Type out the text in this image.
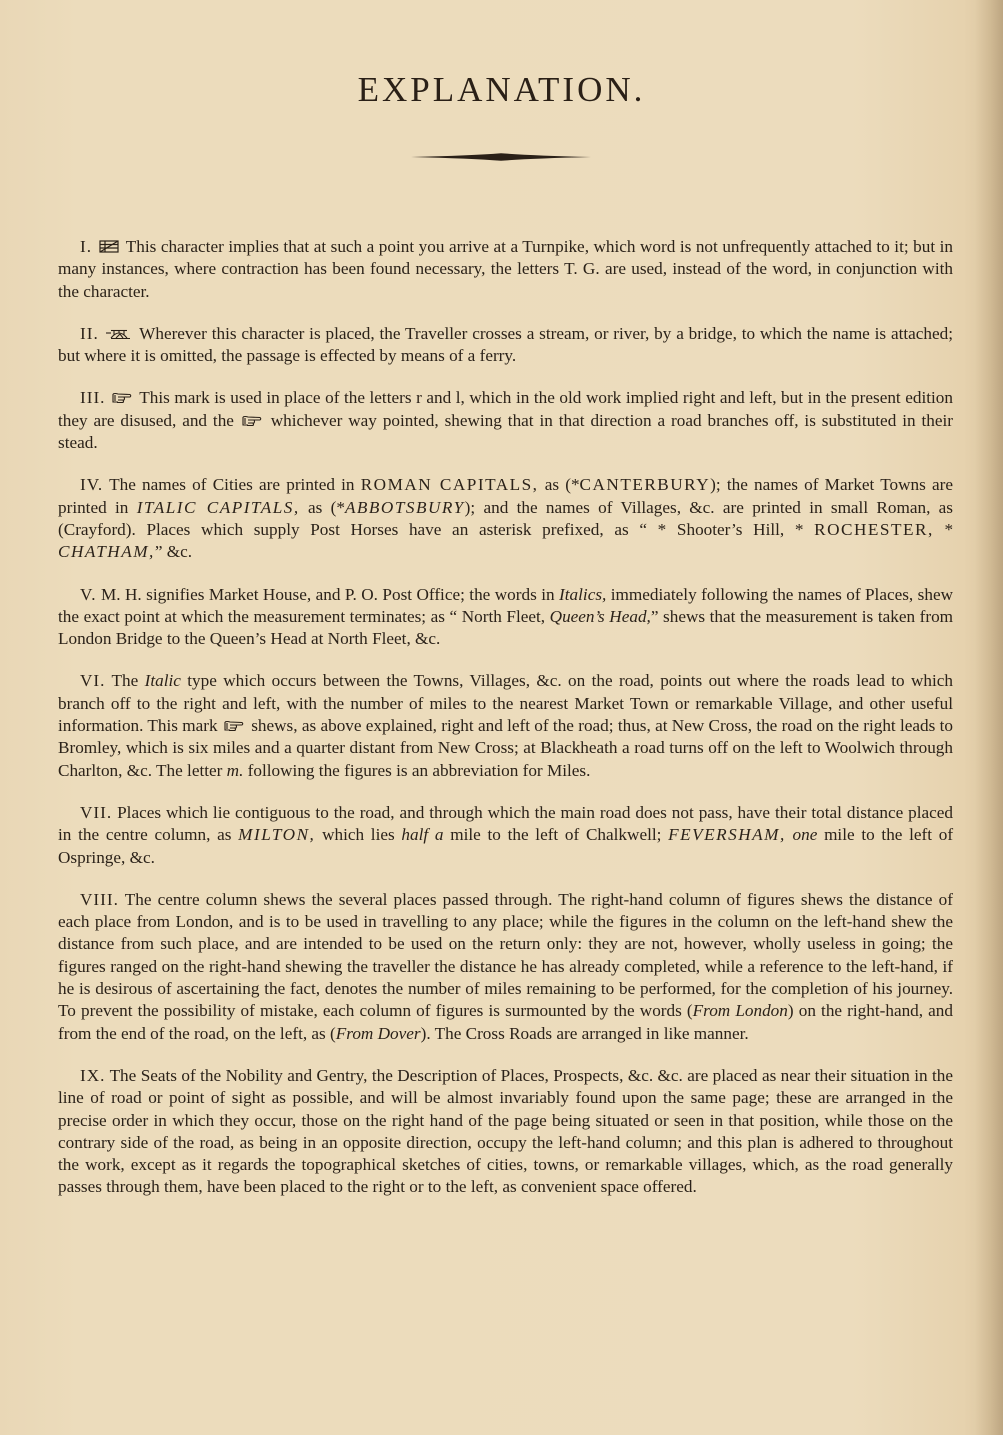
EXPLANATION.

I. This character implies that at such a point you arrive at a Turnpike, which word is not unfrequently attached to it; but in many instances, where contraction has been found necessary, the letters T. G. are used, instead of the word, in conjunction with the character.

II. Wherever this character is placed, the Traveller crosses a stream, or river, by a bridge, to which the name is attached; but where it is omitted, the passage is effected by means of a ferry.

III. This mark is used in place of the letters r and l, which in the old work implied right and left, but in the present edition they are disused, and the whichever way pointed, shewing that in that direction a road branches off, is substituted in their stead.

IV. The names of Cities are printed in ROMAN CAPITALS, as (*CANTERBURY); the names of Market Towns are printed in ITALIC CAPITALS, as (*ABBOTSBURY); and the names of Villages, &c. are printed in small Roman, as (Crayford). Places which supply Post Horses have an asterisk prefixed, as “ * Shooter’s Hill, * ROCHESTER, * CHATHAM,” &c.

V. M. H. signifies Market House, and P. O. Post Office; the words in Italics, immediately following the names of Places, shew the exact point at which the measurement terminates; as “ North Fleet, Queen’s Head,” shews that the measurement is taken from London Bridge to the Queen’s Head at North Fleet, &c.

VI. The Italic type which occurs between the Towns, Villages, &c. on the road, points out where the roads lead to which branch off to the right and left, with the number of miles to the nearest Market Town or remarkable Village, and other useful information. This mark shews, as above explained, right and left of the road; thus, at New Cross, the road on the right leads to Bromley, which is six miles and a quarter distant from New Cross; at Blackheath a road turns off on the left to Woolwich through Charlton, &c. The letter m. following the figures is an abbreviation for Miles.

VII. Places which lie contiguous to the road, and through which the main road does not pass, have their total distance placed in the centre column, as MILTON, which lies half a mile to the left of Chalkwell; FEVERSHAM, one mile to the left of Ospringe, &c.

VIII. The centre column shews the several places passed through. The right-hand column of figures shews the distance of each place from London, and is to be used in travelling to any place; while the figures in the column on the left-hand shew the distance from such place, and are intended to be used on the return only: they are not, however, wholly useless in going; the figures ranged on the right-hand shewing the traveller the distance he has already completed, while a reference to the left-hand, if he is desirous of ascertaining the fact, denotes the number of miles remaining to be performed, for the completion of his journey. To prevent the possibility of mistake, each column of figures is surmounted by the words (From London) on the right-hand, and from the end of the road, on the left, as (From Dover). The Cross Roads are arranged in like manner.

IX. The Seats of the Nobility and Gentry, the Description of Places, Prospects, &c. &c. are placed as near their situation in the line of road or point of sight as possible, and will be almost invariably found upon the same page; these are arranged in the precise order in which they occur, those on the right hand of the page being situated or seen in that position, while those on the contrary side of the road, as being in an opposite direction, occupy the left-hand column; and this plan is adhered to throughout the work, except as it regards the topographical sketches of cities, towns, or remarkable villages, which, as the road generally passes through them, have been placed to the right or to the left, as convenient space offered.
